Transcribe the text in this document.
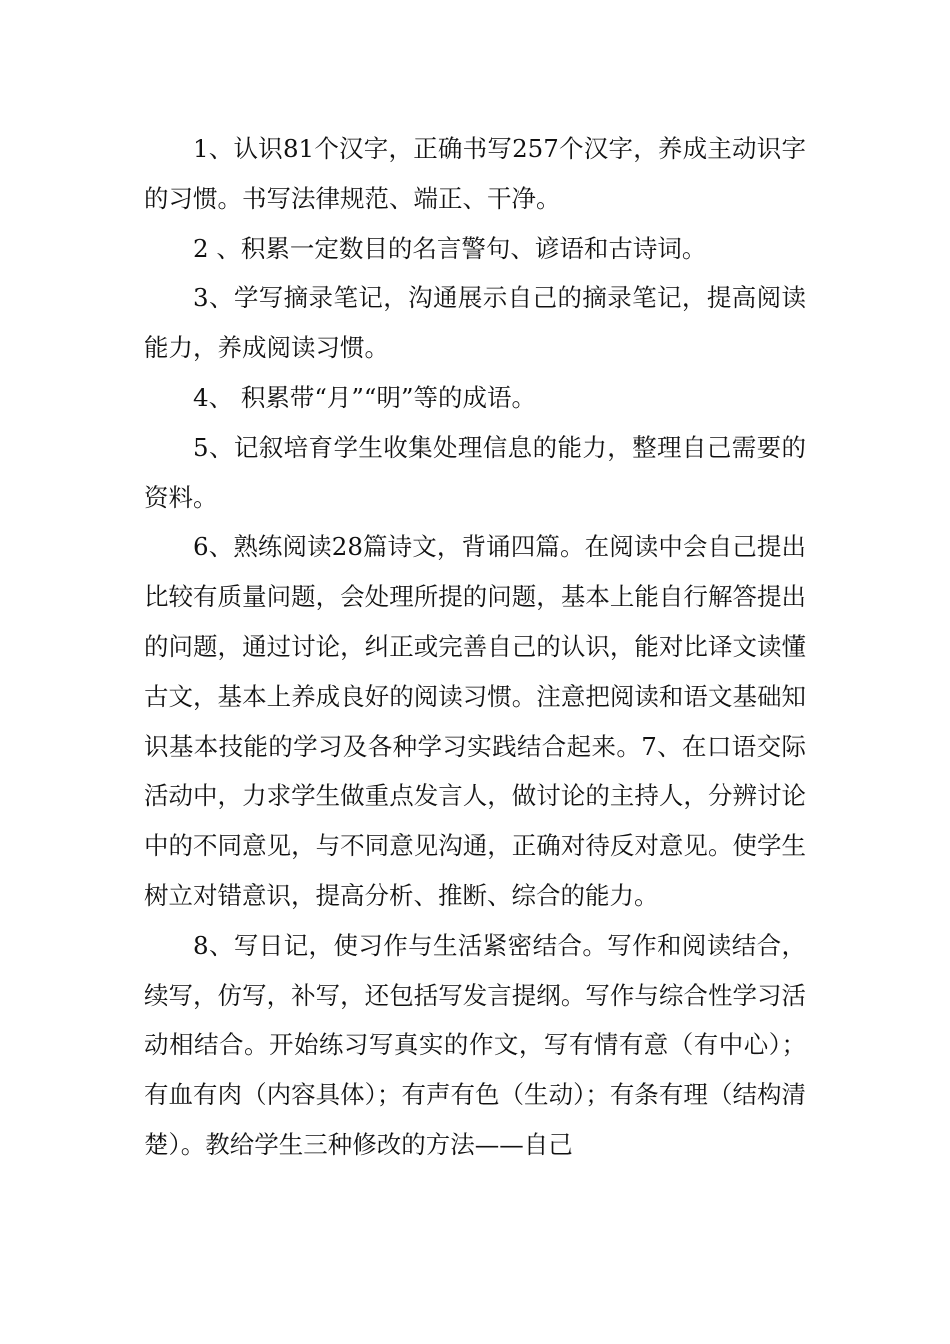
1、认识81个汉字，正确书写257个汉字，养成主动识字的习惯。书写法律规范、端正、干净。

2 、积累一定数目的名言警句、谚语和古诗词。

3、学写摘录笔记，沟通展示自己的摘录笔记，提高阅读能力，养成阅读习惯。

4、 积累带“月”“明”等的成语。

5、记叙培育学生收集处理信息的能力，整理自己需要的资料。

6、熟练阅读28篇诗文，背诵四篇。在阅读中会自己提出比较有质量问题，会处理所提的问题，基本上能自行解答提出的问题，通过讨论，纠正或完善自己的认识，能对比译文读懂古文，基本上养成良好的阅读习惯。注意把阅读和语文基础知识基本技能的学习及各种学习实践结合起来。7、在口语交际活动中，力求学生做重点发言人，做讨论的主持人，分辨讨论中的不同意见，与不同意见沟通，正确对待反对意见。使学生树立对错意识，提高分析、推断、综合的能力。

8、写日记，使习作与生活紧密结合。写作和阅读结合，续写，仿写，补写，还包括写发言提纲。写作与综合性学习活动相结合。开始练习写真实的作文，写有情有意（有中心）；有血有肉（内容具体）；有声有色（生动）；有条有理（结构清楚）。教给学生三种修改的方法——自己
